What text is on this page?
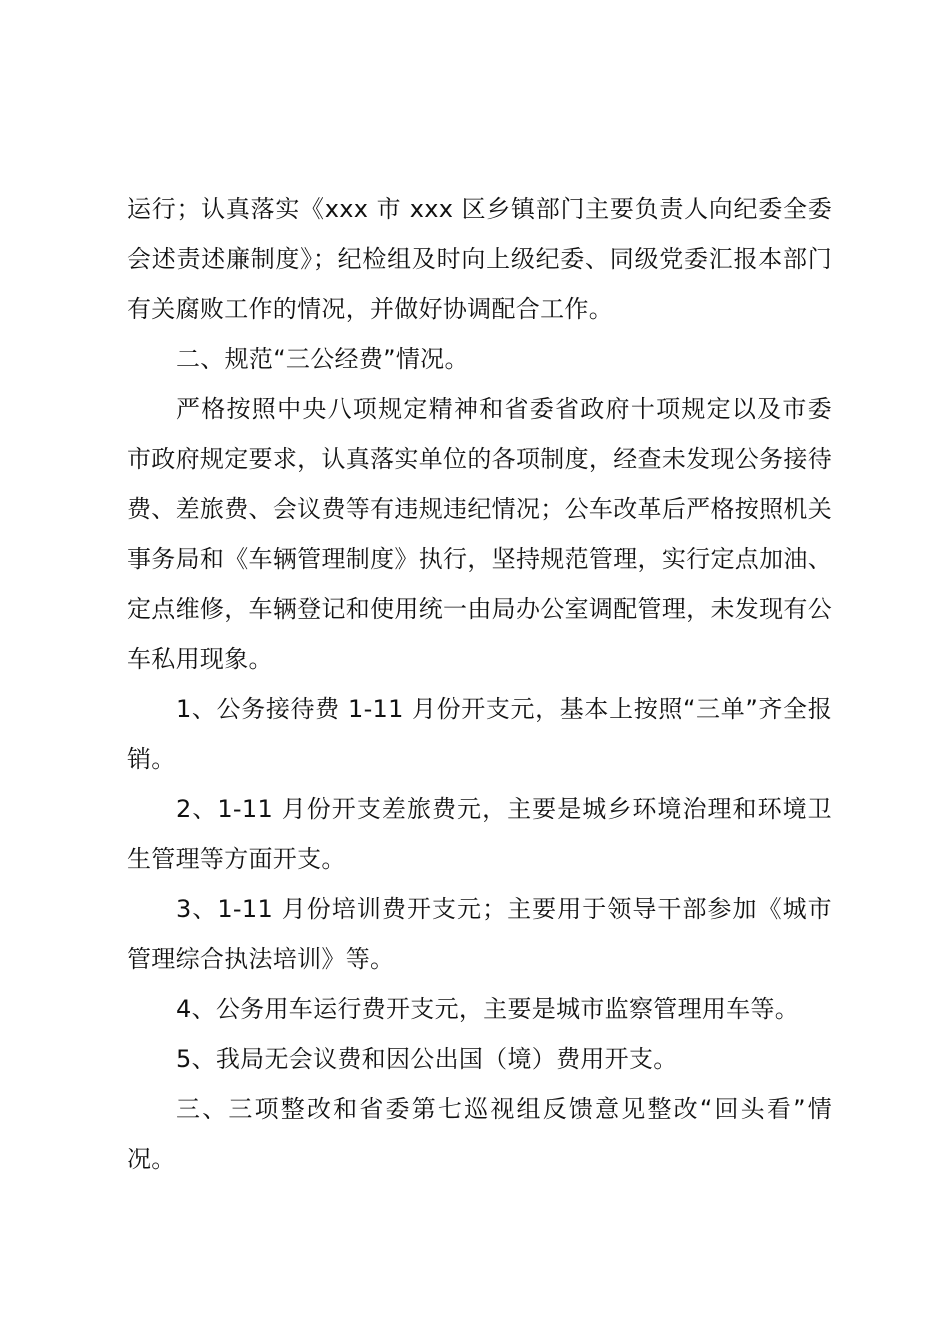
运行；认真落实《xxx 市 xxx 区乡镇部门主要负责人向纪委全委会述责述廉制度》；纪检组及时向上级纪委、同级党委汇报本部门有关腐败工作的情况，并做好协调配合工作。

二、规范“三公经费”情况。

严格按照中央八项规定精神和省委省政府十项规定以及市委市政府规定要求，认真落实单位的各项制度，经查未发现公务接待费、差旅费、会议费等有违规违纪情况；公车改革后严格按照机关事务局和《车辆管理制度》执行，坚持规范管理，实行定点加油、定点维修，车辆登记和使用统一由局办公室调配管理，未发现有公车私用现象。

1、公务接待费 1-11 月份开支元，基本上按照“三单”齐全报销。

2、1-11 月份开支差旅费元，主要是城乡环境治理和环境卫生管理等方面开支。

3、1-11 月份培训费开支元；主要用于领导干部参加《城市管理综合执法培训》等。

4、公务用车运行费开支元，主要是城市监察管理用车等。

5、我局无会议费和因公出国（境）费用开支。

三、三项整改和省委第七巡视组反馈意见整改“回头看”情况。
